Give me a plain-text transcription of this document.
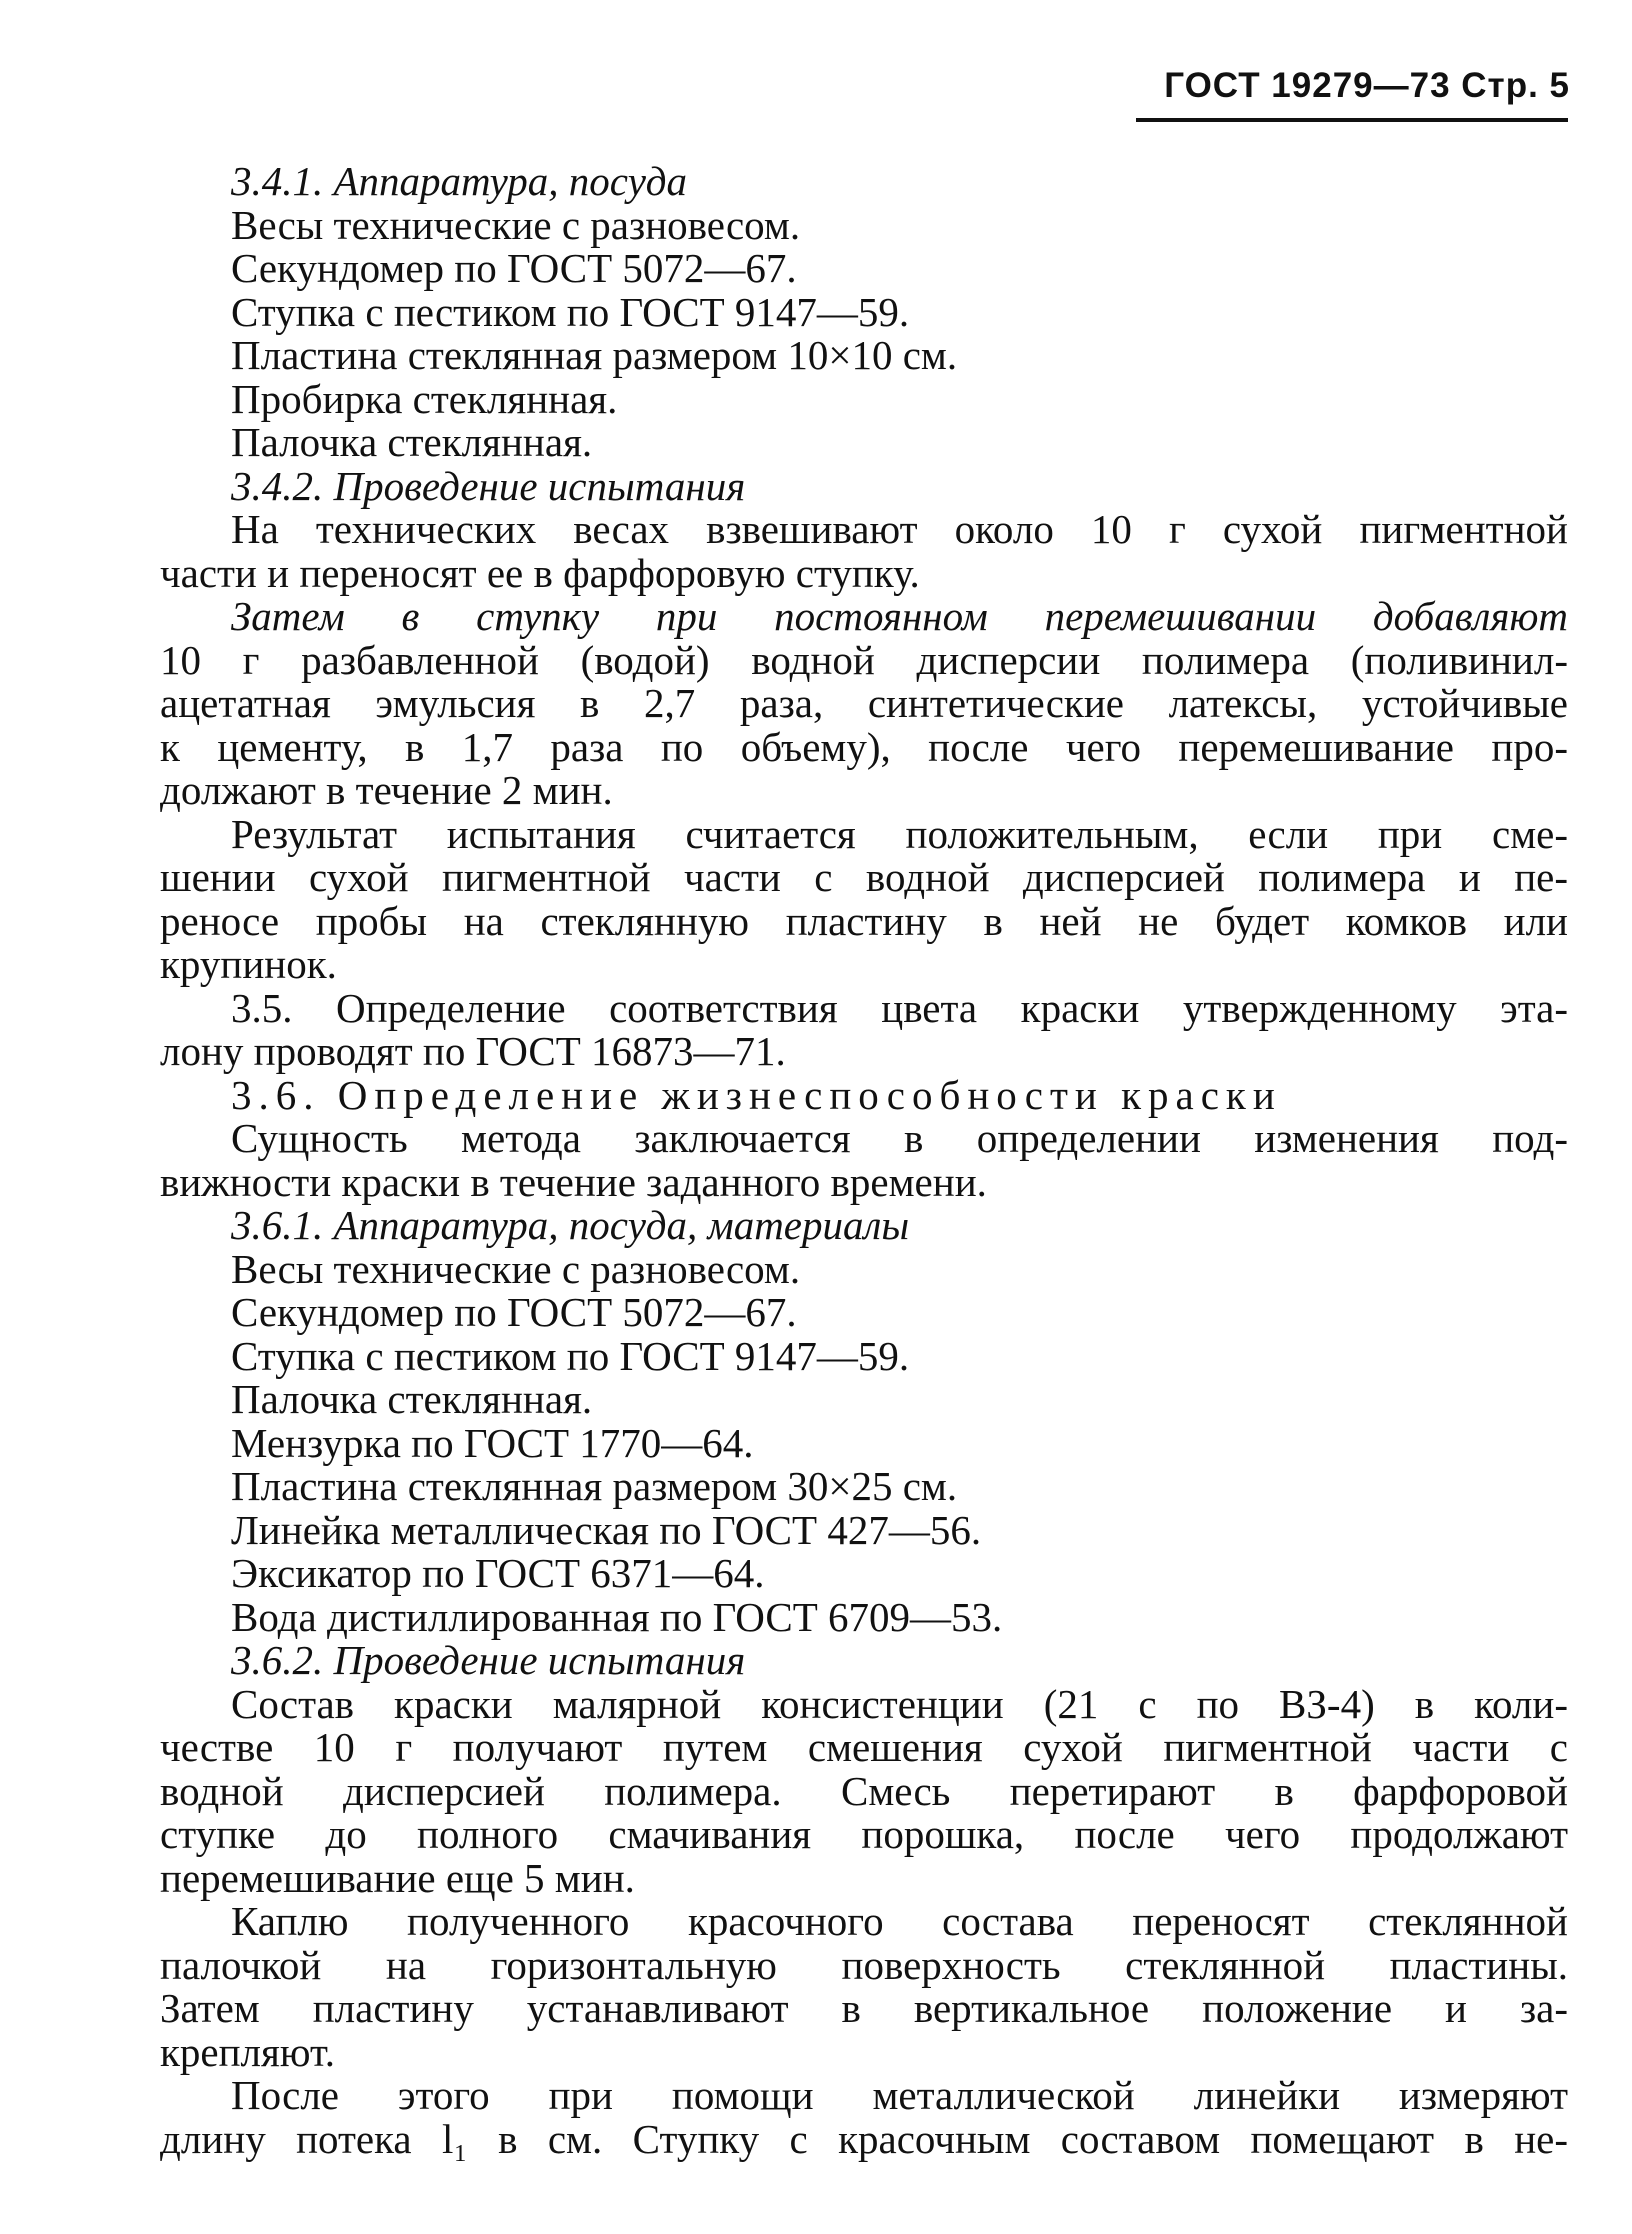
ГОСТ 19279—73 Стр. 5
3.4.1. Аппаратура, посуда
Весы технические с разновесом.
Секундомер по ГОСТ 5072—67.
Ступка с пестиком по ГОСТ 9147—59.
Пластина стеклянная размером 10×10 см.
Пробирка стеклянная.
Палочка стеклянная.
3.4.2. Проведение испытания
На технических весах взвешивают около 10 г сухой пигментной
части и переносят ее в фарфоровую ступку.
Затем в ступку при постоянном перемешивании добавляют
10 г разбавленной (водой) водной дисперсии полимера (поливинил-
ацетатная эмульсия в 2,7 раза, синтетические латексы, устойчивые
к цементу, в 1,7 раза по объему), после чего перемешивание про-
должают в течение 2 мин.
Результат испытания считается положительным, если при сме-
шении сухой пигментной части с водной дисперсией полимера и пе-
реносе пробы на стеклянную пластину в ней не будет комков или
крупинок.
3.5. Определение соответствия цвета краски утвержденному эта-
лону проводят по ГОСТ 16873—71.
3.6. Определение жизнеспособности краски
Сущность метода заключается в определении изменения под-
вижности краски в течение заданного времени.
3.6.1. Аппаратура, посуда, материалы
Весы технические с разновесом.
Секундомер по ГОСТ 5072—67.
Ступка с пестиком по ГОСТ 9147—59.
Палочка стеклянная.
Мензурка по ГОСТ 1770—64.
Пластина стеклянная размером 30×25 см.
Линейка металлическая по ГОСТ 427—56.
Эксикатор по ГОСТ 6371—64.
Вода дистиллированная по ГОСТ 6709—53.
3.6.2. Проведение испытания
Состав краски малярной консистенции (21 с по ВЗ-4) в коли-
честве 10 г получают путем смешения сухой пигментной части с
водной дисперсией полимера. Смесь перетирают в фарфоровой
ступке до полного смачивания порошка, после чего продолжают
перемешивание еще 5 мин.
Каплю полученного красочного состава переносят стеклянной
палочкой на горизонтальную поверхность стеклянной пластины.
Затем пластину устанавливают в вертикальное положение и за-
крепляют.
После этого при помощи металлической линейки измеряют
длину потека l₁ в см. Ступку с красочным составом помещают в не-
